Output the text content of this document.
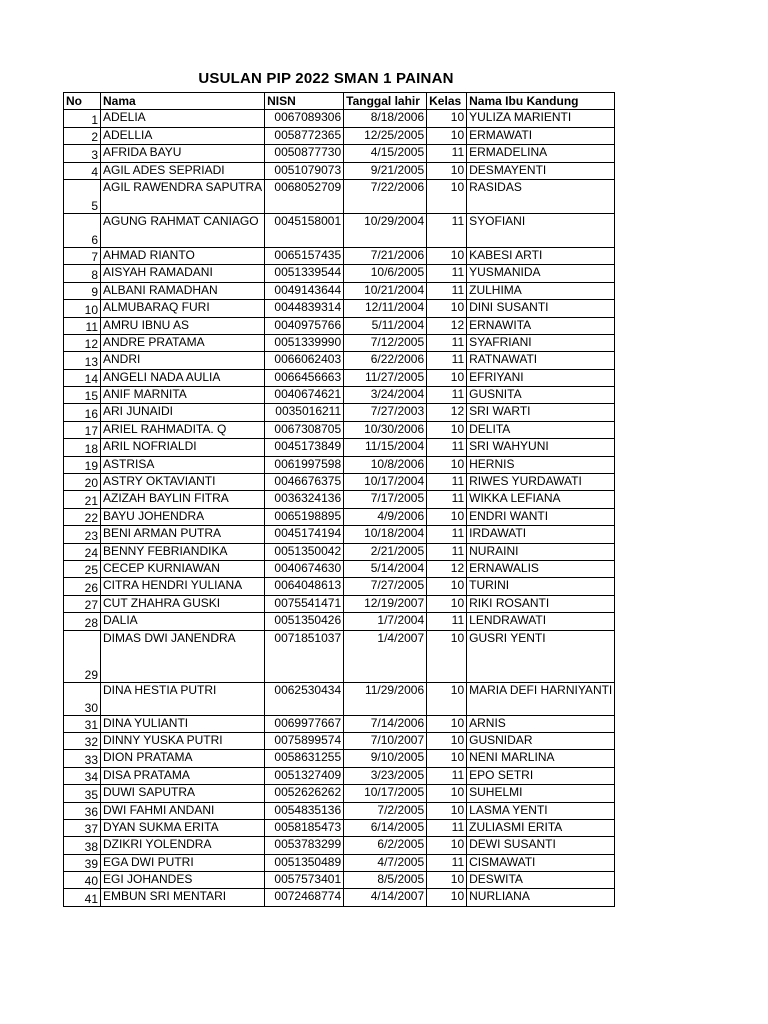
USULAN PIP 2022 SMAN 1 PAINAN
No	Nama	NISN	Tanggal lahir	Kelas	Nama Ibu Kandung
1	ADELIA	0067089306	8/18/2006	10	YULIZA MARIENTI
2	ADELLIA	0058772365	12/25/2005	10	ERMAWATI
3	AFRIDA BAYU	0050877730	4/15/2005	11	ERMADELINA
4	AGIL ADES SEPRIADI	0051079073	9/21/2005	10	DESMAYENTI
5	AGIL RAWENDRA SAPUTRA	0068052709	7/22/2006	10	RASIDAS
6	AGUNG RAHMAT CANIAGO	0045158001	10/29/2004	11	SYOFIANI
7	AHMAD RIANTO	0065157435	7/21/2006	10	KABESI ARTI
8	AISYAH RAMADANI	0051339544	10/6/2005	11	YUSMANIDA
9	ALBANI RAMADHAN	0049143644	10/21/2004	11	ZULHIMA
10	ALMUBARAQ FURI	0044839314	12/11/2004	10	DINI SUSANTI
11	AMRU IBNU AS	0040975766	5/11/2004	12	ERNAWITA
12	ANDRE PRATAMA	0051339990	7/12/2005	11	SYAFRIANI
13	ANDRI	0066062403	6/22/2006	11	RATNAWATI
14	ANGELI NADA AULIA	0066456663	11/27/2005	10	EFRIYANI
15	ANIF MARNITA	0040674621	3/24/2004	11	GUSNITA
16	ARI JUNAIDI	0035016211	7/27/2003	12	SRI WARTI
17	ARIEL RAHMADITA. Q	0067308705	10/30/2006	10	DELITA
18	ARIL NOFRIALDI	0045173849	11/15/2004	11	SRI WAHYUNI
19	ASTRISA	0061997598	10/8/2006	10	HERNIS
20	ASTRY OKTAVIANTI	0046676375	10/17/2004	11	RIWES YURDAWATI
21	AZIZAH BAYLIN FITRA	0036324136	7/17/2005	11	WIKKA LEFIANA
22	BAYU JOHENDRA	0065198895	4/9/2006	10	ENDRI WANTI
23	BENI ARMAN PUTRA	0045174194	10/18/2004	11	IRDAWATI
24	BENNY FEBRIANDIKA	0051350042	2/21/2005	11	NURAINI
25	CECEP KURNIAWAN	0040674630	5/14/2004	12	ERNAWALIS
26	CITRA HENDRI YULIANA	0064048613	7/27/2005	10	TURINI
27	CUT ZHAHRA GUSKI	0075541471	12/19/2007	10	RIKI ROSANTI
28	DALIA	0051350426	1/7/2004	11	LENDRAWATI
29	DIMAS DWI JANENDRA	0071851037	1/4/2007	10	GUSRI YENTI
30	DINA HESTIA PUTRI	0062530434	11/29/2006	10	MARIA DEFI HARNIYANTI
31	DINA YULIANTI	0069977667	7/14/2006	10	ARNIS
32	DINNY YUSKA PUTRI	0075899574	7/10/2007	10	GUSNIDAR
33	DION PRATAMA	0058631255	9/10/2005	10	NENI MARLINA
34	DISA PRATAMA	0051327409	3/23/2005	11	EPO SETRI
35	DUWI SAPUTRA	0052626262	10/17/2005	10	SUHELMI
36	DWI FAHMI ANDANI	0054835136	7/2/2005	10	LASMA YENTI
37	DYAN SUKMA ERITA	0058185473	6/14/2005	11	ZULIASMI ERITA
38	DZIKRI YOLENDRA	0053783299	6/2/2005	10	DEWI SUSANTI
39	EGA DWI PUTRI	0051350489	4/7/2005	11	CISMAWATI
40	EGI JOHANDES	0057573401	8/5/2005	10	DESWITA
41	EMBUN SRI MENTARI	0072468774	4/14/2007	10	NURLIANA
